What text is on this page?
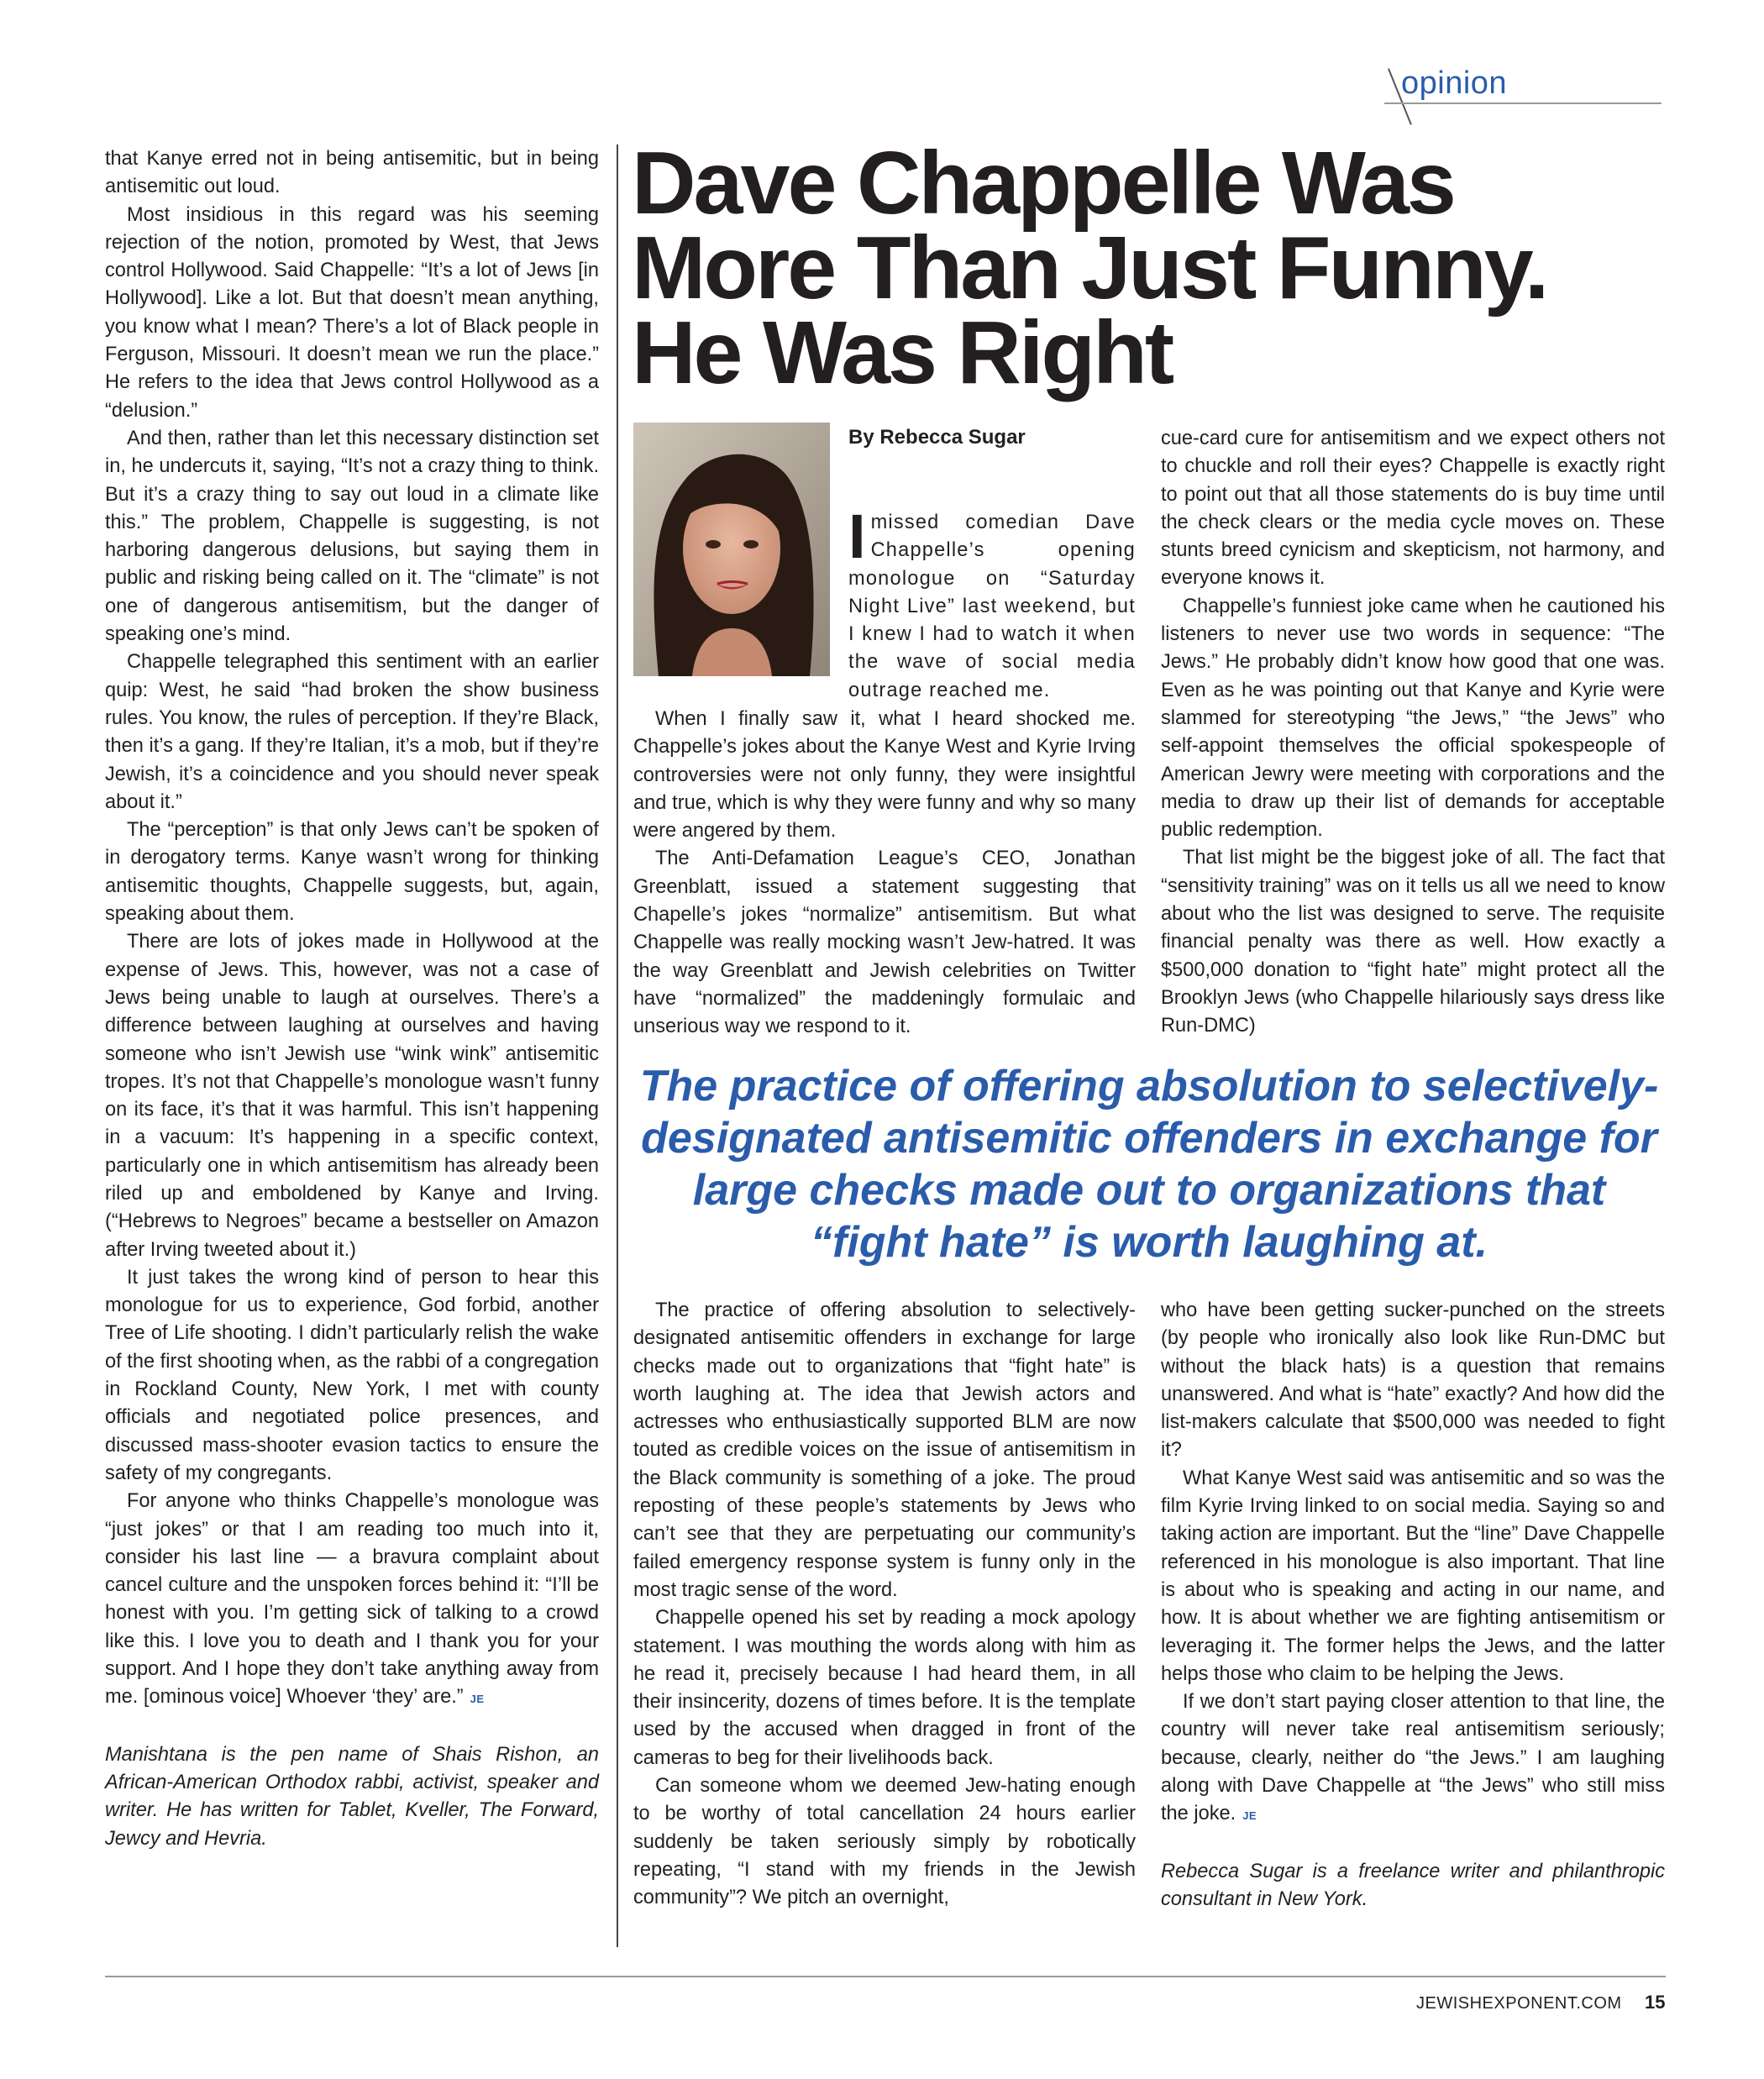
opinion

that Kanye erred not in being antisemitic, but in being antisemitic out loud.

Most insidious in this regard was his seeming rejection of the notion, promoted by West, that Jews control Hollywood. Said Chappelle: “It’s a lot of Jews [in Hollywood]. Like a lot. But that doesn’t mean anything, you know what I mean? There’s a lot of Black people in Ferguson, Missouri. It doesn’t mean we run the place.” He refers to the idea that Jews control Hollywood as a “delusion.”

And then, rather than let this necessary distinction set in, he undercuts it, saying, “It’s not a crazy thing to think. But it’s a crazy thing to say out loud in a climate like this.” The problem, Chappelle is suggesting, is not harboring dangerous delusions, but saying them in public and risking being called on it. The “climate” is not one of dangerous antisemitism, but the danger of speaking one’s mind.

Chappelle telegraphed this sentiment with an earlier quip: West, he said “had broken the show business rules. You know, the rules of perception. If they’re Black, then it’s a gang. If they’re Italian, it’s a mob, but if they’re Jewish, it’s a coincidence and you should never speak about it.”

The “perception” is that only Jews can’t be spoken of in derogatory terms. Kanye wasn’t wrong for thinking antisemitic thoughts, Chappelle suggests, but, again, speaking about them.

There are lots of jokes made in Hollywood at the expense of Jews. This, however, was not a case of Jews being unable to laugh at ourselves. There’s a difference between laughing at ourselves and having someone who isn’t Jewish use “wink wink” antisemitic tropes. It’s not that Chappelle’s monologue wasn’t funny on its face, it’s that it was harmful. This isn’t happening in a vacuum: It’s happening in a specific context, particularly one in which antisemitism has already been riled up and emboldened by Kanye and Irving. (“Hebrews to Negroes” became a bestseller on Amazon after Irving tweeted about it.)

It just takes the wrong kind of person to hear this monologue for us to experience, God forbid, another Tree of Life shooting. I didn’t particularly relish the wake of the first shooting when, as the rabbi of a congregation in Rockland County, New York, I met with county officials and negotiated police presences, and discussed mass-shooter evasion tactics to ensure the safety of my congregants.

For anyone who thinks Chappelle’s monologue was “just jokes” or that I am reading too much into it, consider his last line — a bravura complaint about cancel culture and the unspoken forces behind it: “I’ll be honest with you. I’m getting sick of talking to a crowd like this. I love you to death and I thank you for your support. And I hope they don’t take anything away from me. [ominous voice] Whoever ‘they’ are.” JE

Manishtana is the pen name of Shais Rishon, an African-American Orthodox rabbi, activist, speaker and writer. He has written for Tablet, Kveller, The Forward, Jewcy and Hevria.

Dave Chappelle Was
More Than Just Funny.
He Was Right
By Rebecca Sugar
Imissed comedian Dave Chappelle’s opening monologue on “Saturday Night Live” last weekend, but I knew I had to watch it when the wave of social media outrage reached me.

When I finally saw it, what I heard shocked me. Chappelle’s jokes about the Kanye West and Kyrie Irving controversies were not only funny, they were insightful and true, which is why they were funny and why so many were angered by them.

The Anti-Defamation League’s CEO, Jonathan Greenblatt, issued a statement suggesting that Chapelle’s jokes “normalize” antisemitism. But what Chappelle was really mocking wasn’t Jew-hatred. It was the way Greenblatt and Jewish celebrities on Twitter have “normalized” the maddeningly formulaic and unserious way we respond to it.

cue-card cure for antisemitism and we expect others not to chuckle and roll their eyes? Chappelle is exactly right to point out that all those statements do is buy time until the check clears or the media cycle moves on. These stunts breed cynicism and skepticism, not harmony, and everyone knows it.

Chappelle’s funniest joke came when he cautioned his listeners to never use two words in sequence: “The Jews.” He probably didn’t know how good that one was. Even as he was pointing out that Kanye and Kyrie were slammed for stereotyping “the Jews,” “the Jews” who self-appoint themselves the official spokespeople of American Jewry were meeting with corporations and the media to draw up their list of demands for acceptable public redemption.

That list might be the biggest joke of all. The fact that “sensitivity training” was on it tells us all we need to know about who the list was designed to serve. The requisite financial penalty was there as well. How exactly a $500,000 donation to “fight hate” might protect all the Brooklyn Jews (who Chappelle hilariously says dress like Run-DMC)

The practice of offering absolution to selectively-designated antisemitic offenders in exchange for large checks made out to organizations that “fight hate” is worth laughing at.

The practice of offering absolution to selectively-designated antisemitic offenders in exchange for large checks made out to organizations that “fight hate” is worth laughing at. The idea that Jewish actors and actresses who enthusiastically supported BLM are now touted as credible voices on the issue of antisemitism in the Black community is something of a joke. The proud reposting of these people’s statements by Jews who can’t see that they are perpetuating our community’s failed emergency response system is funny only in the most tragic sense of the word.

Chappelle opened his set by reading a mock apology statement. I was mouthing the words along with him as he read it, precisely because I had heard them, in all their insincerity, dozens of times before. It is the template used by the accused when dragged in front of the cameras to beg for their livelihoods back.

Can someone whom we deemed Jew-hating enough to be worthy of total cancellation 24 hours earlier suddenly be taken seriously simply by robotically repeating, “I stand with my friends in the Jewish community”? We pitch an overnight,

who have been getting sucker-punched on the streets (by people who ironically also look like Run-DMC but without the black hats) is a question that remains unanswered. And what is “hate” exactly? And how did the list-makers calculate that $500,000 was needed to fight it?

What Kanye West said was antisemitic and so was the film Kyrie Irving linked to on social media. Saying so and taking action are important. But the “line” Dave Chappelle referenced in his monologue is also important. That line is about who is speaking and acting in our name, and how. It is about whether we are fighting antisemitism or leveraging it. The former helps the Jews, and the latter helps those who claim to be helping the Jews.

If we don’t start paying closer attention to that line, the country will never take real antisemitism seriously; because, clearly, neither do “the Jews.” I am laughing along with Dave Chappelle at “the Jews” who still miss the joke. JE

Rebecca Sugar is a freelance writer and philanthropic consultant in New York.

JEWISHEXPONENT.COM 15
